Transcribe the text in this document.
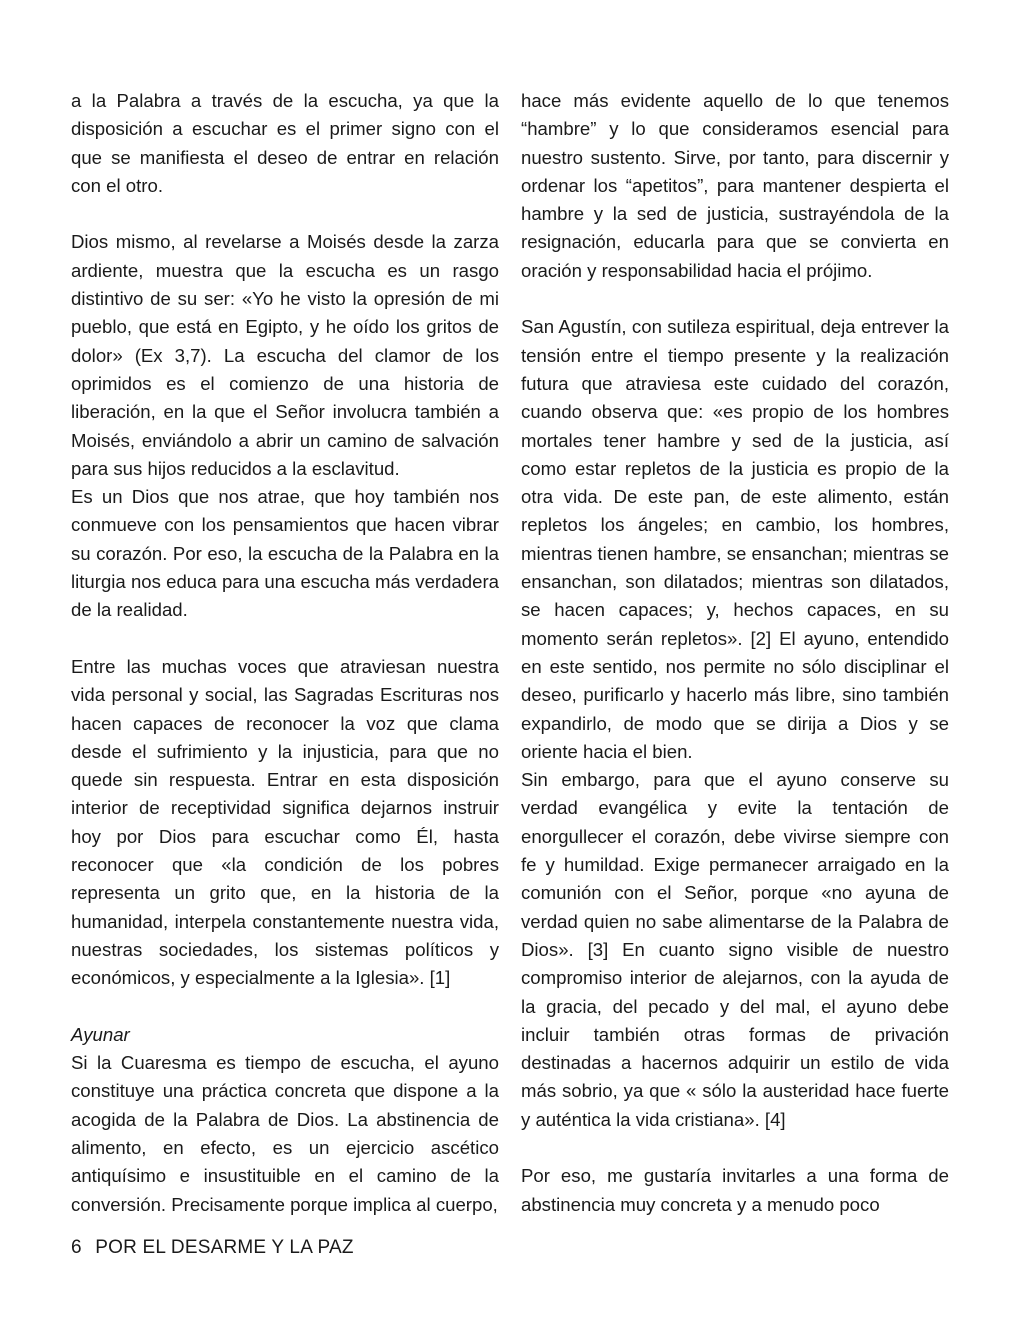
a la Palabra a través de la escucha, ya que la disposición a escuchar es el primer signo con el que se manifiesta el deseo de entrar en relación con el otro.

Dios mismo, al revelarse a Moisés desde la zarza ardiente, muestra que la escucha es un rasgo distintivo de su ser: «Yo he visto la opresión de mi pueblo, que está en Egipto, y he oído los gritos de dolor» (Ex 3,7). La escucha del clamor de los oprimidos es el comienzo de una historia de liberación, en la que el Señor involucra también a Moisés, enviándolo a abrir un camino de salvación para sus hijos reducidos a la esclavitud.

Es un Dios que nos atrae, que hoy también nos conmueve con los pensamientos que hacen vibrar su corazón. Por eso, la escucha de la Palabra en la liturgia nos educa para una escucha más verdadera de la realidad.

Entre las muchas voces que atraviesan nuestra vida personal y social, las Sagradas Escrituras nos hacen capaces de reconocer la voz que clama desde el sufrimiento y la injusticia, para que no quede sin respuesta. Entrar en esta disposición interior de receptividad significa dejarnos instruir hoy por Dios para escuchar como Él, hasta reconocer que «la condición de los pobres representa un grito que, en la historia de la humanidad, interpela constantemente nuestra vida, nuestras sociedades, los sistemas políticos y económicos, y especialmente a la Iglesia». [1]

Ayunar

Si la Cuaresma es tiempo de escucha, el ayuno constituye una práctica concreta que dispone a la acogida de la Palabra de Dios. La abstinencia de alimento, en efecto, es un ejercicio ascético antiquísimo e insustituible en el camino de la conversión. Precisamente porque implica al cuerpo,

hace más evidente aquello de lo que tenemos “hambre” y lo que consideramos esencial para nuestro sustento. Sirve, por tanto, para discernir y ordenar los “apetitos”, para mantener despierta el hambre y la sed de justicia, sustrayéndola de la resignación, educarla para que se convierta en oración y responsabilidad hacia el prójimo.

San Agustín, con sutileza espiritual, deja entrever la tensión entre el tiempo presente y la realización futura que atraviesa este cuidado del corazón, cuando observa que: «es propio de los hombres mortales tener hambre y sed de la justicia, así como estar repletos de la justicia es propio de la otra vida. De este pan, de este alimento, están repletos los ángeles; en cambio, los hombres, mientras tienen hambre, se ensanchan; mientras se ensanchan, son dilatados; mientras son dilatados, se hacen capaces; y, hechos capaces, en su momento serán repletos». [2] El ayuno, entendido en este sentido, nos permite no sólo disciplinar el deseo, purificarlo y hacerlo más libre, sino también expandirlo, de modo que se dirija a Dios y se oriente hacia el bien.

Sin embargo, para que el ayuno conserve su verdad evangélica y evite la tentación de enorgullecer el corazón, debe vivirse siempre con fe y humildad. Exige permanecer arraigado en la comunión con el Señor, porque «no ayuna de verdad quien no sabe alimentarse de la Palabra de Dios». [3] En cuanto signo visible de nuestro compromiso interior de alejarnos, con la ayuda de la gracia, del pecado y del mal, el ayuno debe incluir también otras formas de privación destinadas a hacernos adquirir un estilo de vida más sobrio, ya que « sólo la austeridad hace fuerte y auténtica la vida cristiana». [4]

Por eso, me gustaría invitarles a una forma de abstinencia muy concreta y a menudo poco

6 POR EL DESARME Y LA PAZ
